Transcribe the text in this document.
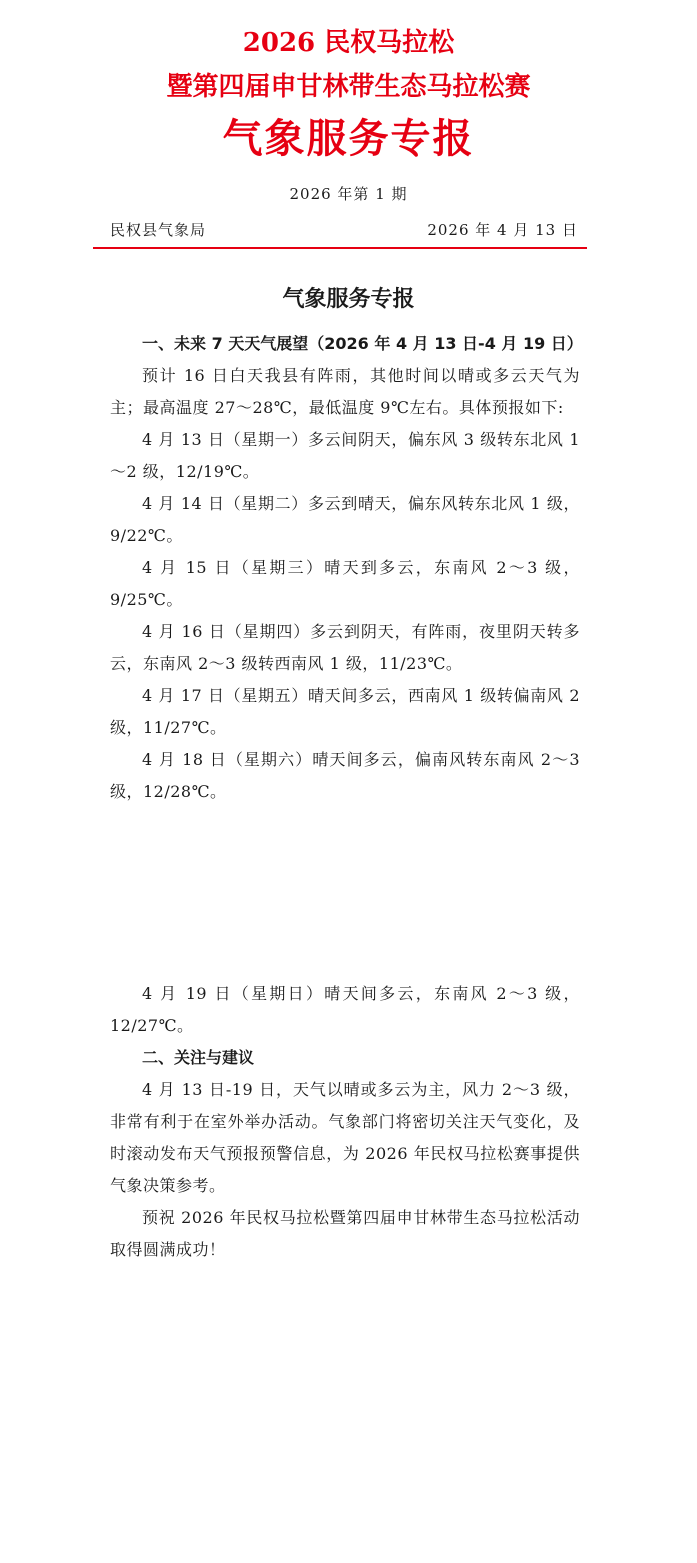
2026 民权马拉松
暨第四届申甘林带生态马拉松赛
气象服务专报
2026 年第 1 期
民权县气象局	2026 年 4 月 13 日
气象服务专报

一、未来 7 天天气展望（2026 年 4 月 13 日-4 月 19 日）

预计 16 日白天我县有阵雨，其他时间以晴或多云天气为主；最高温度 27～28℃，最低温度 9℃左右。具体预报如下:

4 月 13 日（星期一）多云间阴天，偏东风 3 级转东北风 1～2 级，12/19℃。

4 月 14 日（星期二）多云到晴天，偏东风转东北风 1 级，9/22℃。

4 月 15 日（星期三）晴天到多云，东南风 2～3 级，9/25℃。

4 月 16 日（星期四）多云到阴天，有阵雨，夜里阴天转多云，东南风 2～3 级转西南风 1 级，11/23℃。

4 月 17 日（星期五）晴天间多云，西南风 1 级转偏南风 2 级，11/27℃。

4 月 18 日（星期六）晴天间多云，偏南风转东南风 2～3 级，12/28℃。

4 月 19 日（星期日）晴天间多云，东南风 2～3 级，12/27℃。

二、关注与建议

4 月 13 日-19 日，天气以晴或多云为主，风力 2～3 级，非常有利于在室外举办活动。气象部门将密切关注天气变化，及时滚动发布天气预报预警信息，为 2026 年民权马拉松赛事提供气象决策参考。

预祝 2026 年民权马拉松暨第四届申甘林带生态马拉松活动取得圆满成功！
